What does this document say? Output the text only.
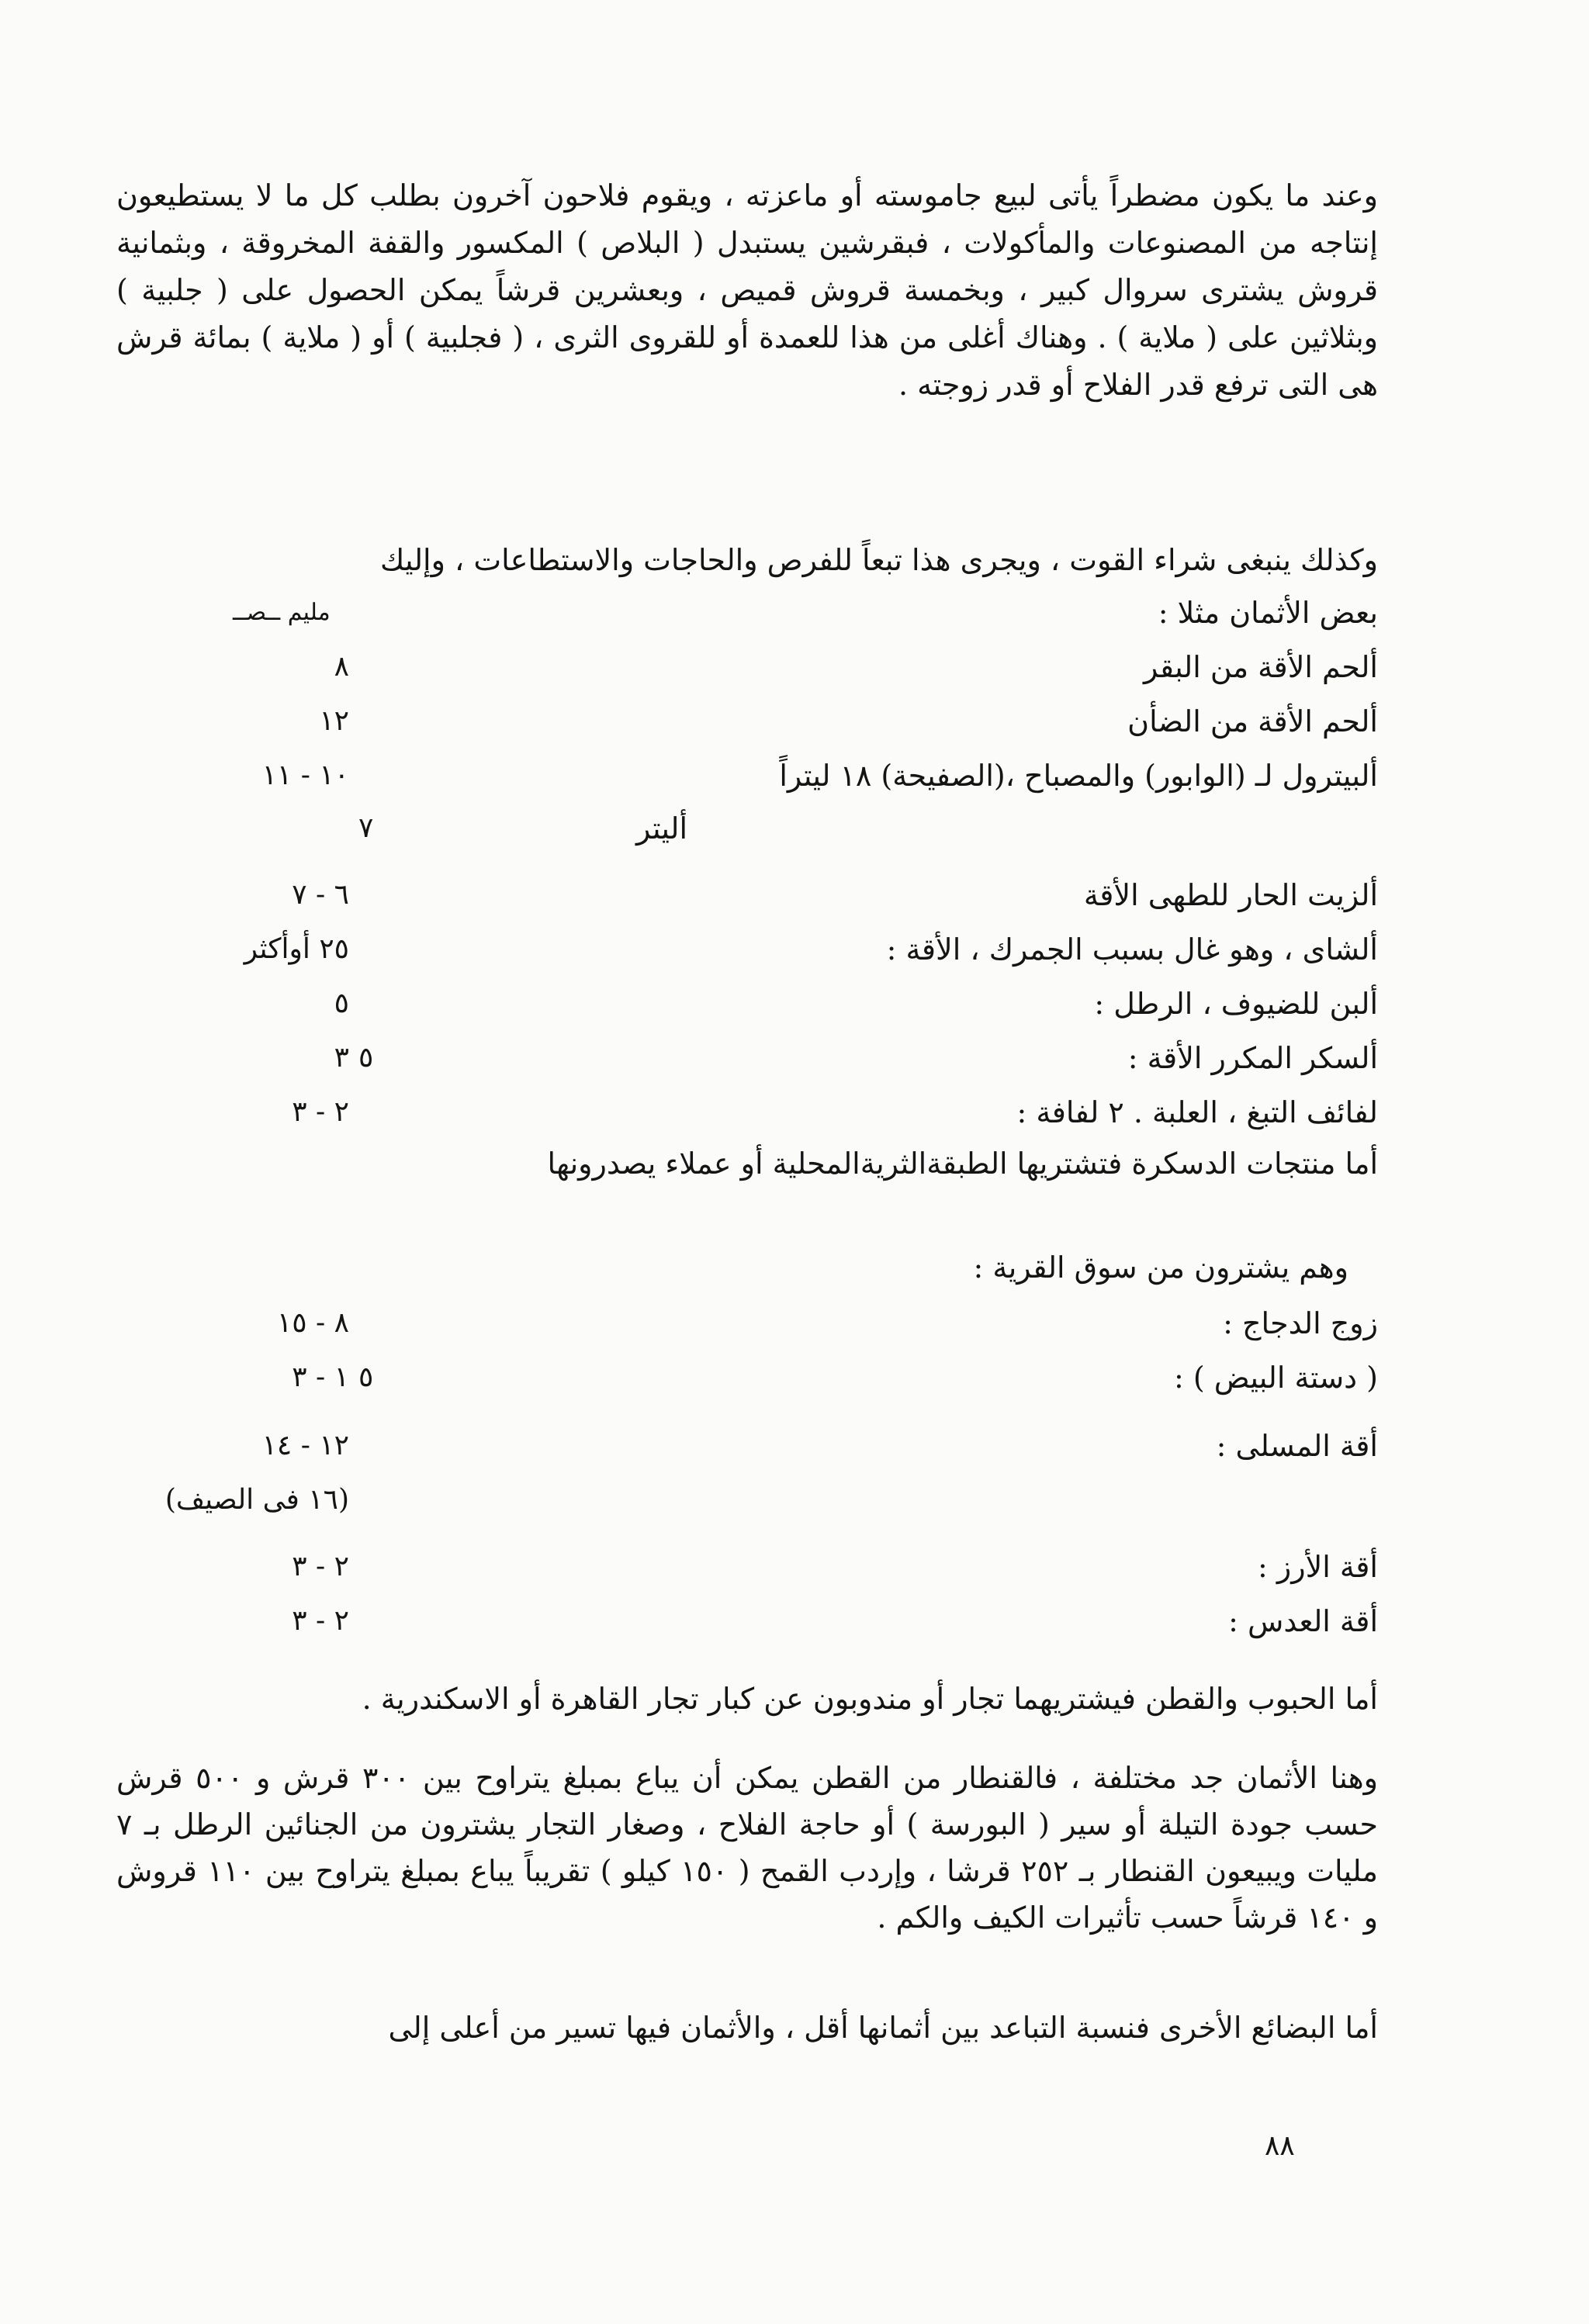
وعند ما يكون مضطراً يأتى لبيع جاموسته أو ماعزته ، ويقوم فلاحون آخرون بطلب كل ما لا يستطيعون إنتاجه من المصنوعات والمأكولات ، فبقرشين يستبدل ( البلاص ) المكسور والقفة المخروقة ، وبثمانية قروش يشترى سروال كبير ، وبخمسة قروش قميص ، وبعشرين قرشاً يمكن الحصول على ( جلبية ) وبثلاثين على ( ملاية ) . وهناك أغلى من هذا للعمدة أو للقروى الثرى ، ( فجلبية ) أو ( ملاية ) بمائة قرش هى التى ترفع قدر الفلاح أو قدر زوجته .
وكذلك ينبغى شراء القوت ، ويجرى هذا تبعاً للفرص والحاجات والاستطاعات ، وإليك
بعض الأثمان مثلا :
مليم ــصــ
ألحم الأقة من البقر
٨
ألحم الأقة من الضأن
١٢
ألبيترول لـ (الوابور) والمصباح ،(الصفيحة) ١٨ ليتراً
١٠ - ١١
أليتر
٧
ألزيت الحار للطهى الأقة
٦ - ٧
ألشاى ، وهو غال بسبب الجمرك ، الأقة :
٢٥ أوأكثر
ألبن للضيوف ، الرطل :
٥
ألسكر المكرر الأقة :
٣ ٥
لفائف التبغ ، العلبة . ٢ لفافة :
٢ - ٣
أما منتجات الدسكرة فتشتريها الطبقةالثريةالمحلية أو عملاء يصدرونها
وهم يشترون من سوق القرية :
زوج الدجاج :
٨ - ١٥
( دستة البيض ) :
١ - ٣ ٥
أقة المسلى :
١٢ - ١٤
(١٦ فى الصيف)
أقة الأرز :
٢ - ٣
أقة العدس :
٢ - ٣
أما الحبوب والقطن فيشتريهما تجار أو مندوبون عن كبار تجار القاهرة أو الاسكندرية .
وهنا الأثمان جد مختلفة ، فالقنطار من القطن يمكن أن يباع بمبلغ يتراوح بين ٣٠٠ قرش و ٥٠٠ قرش حسب جودة التيلة أو سير ( البورسة ) أو حاجة الفلاح ، وصغار التجار يشترون من الجنائين الرطل بـ ٧ مليات ويبيعون القنطار بـ ٢٥٢ قرشا ، وإردب القمح ( ١٥٠ كيلو ) تقريباً يباع بمبلغ يتراوح بين ١١٠ قروش و ١٤٠ قرشاً حسب تأثيرات الكيف والكم .
أما البضائع الأخرى فنسبة التباعد بين أثمانها أقل ، والأثمان فيها تسير من أعلى إلى
٨٨
